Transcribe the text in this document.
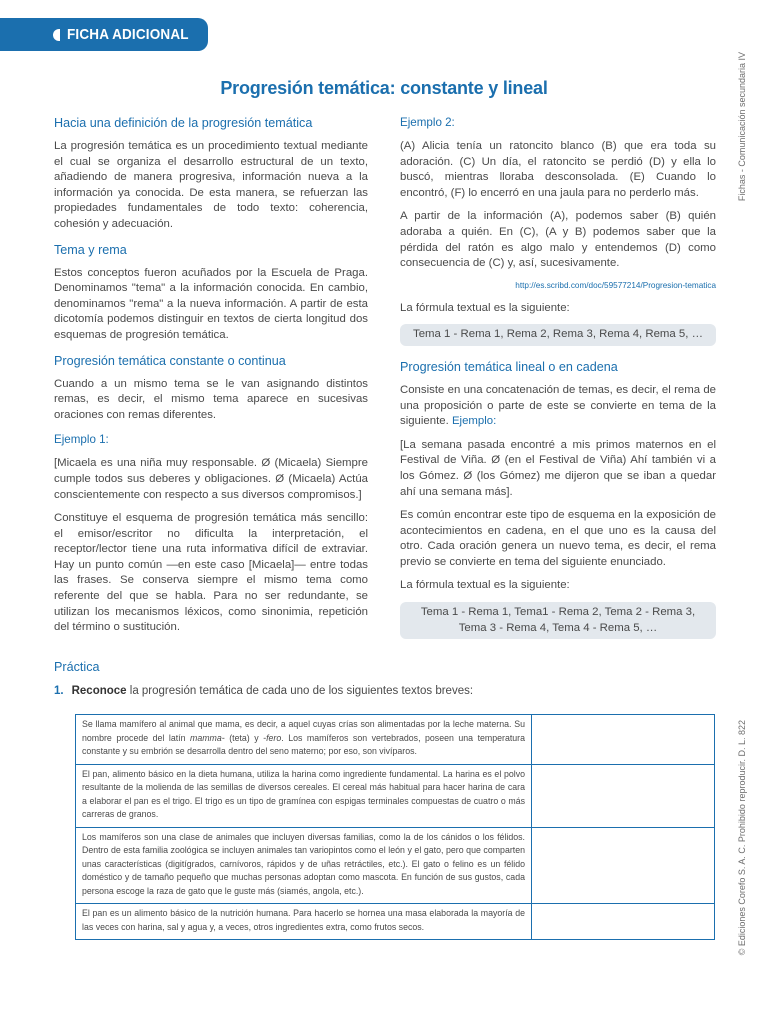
FICHA ADICIONAL
Fichas - Comunicación secundaria IV
© Ediciones Corefo S. A. C. Prohibido reproducir. D. L. 822
Progresión temática: constante y lineal
Hacia una definición de la progresión temática

La progresión temática es un procedimiento textual mediante el cual se organiza el desarrollo estructural de un texto, añadiendo de manera progresiva, información nueva a la información ya conocida. De esta manera, se refuerzan las propiedades fundamentales de todo texto: coherencia, cohesión y adecuación.

Tema y rema

Estos conceptos fueron acuñados por la Escuela de Praga. Denominamos "tema" a la información conocida. En cambio, denominamos "rema" a la nueva información. A partir de esta dicotomía podemos distinguir en textos de cierta longitud dos esquemas de progresión temática.

Progresión temática constante o continua

Cuando a un mismo tema se le van asignando distintos remas, es decir, el mismo tema aparece en sucesivas oraciones con remas diferentes.

Ejemplo 1:

[Micaela es una niña muy responsable. Ø (Micaela) Siempre cumple todos sus deberes y obligaciones. Ø (Micaela) Actúa conscientemente con respecto a sus diversos compromisos.]

Constituye el esquema de progresión temática más sencillo: el emisor/escritor no dificulta la interpretación, el receptor/lector tiene una ruta informativa difícil de extraviar. Hay un punto común —en este caso [Micaela]— entre todas las frases. Se conserva siempre el mismo tema como referente del que se habla. Para no ser redundante, se utilizan los mecanismos léxicos, como sinonimia, repetición del término o sustitución.

Ejemplo 2:

(A) Alicia tenía un ratoncito blanco (B) que era toda su adoración. (C) Un día, el ratoncito se perdió (D) y ella lo buscó, mientras lloraba desconsolada. (E) Cuando lo encontró, (F) lo encerró en una jaula para no perderlo más.

A partir de la información (A), podemos saber (B) quién adoraba a quién. En (C), (A y B) podemos saber que la pérdida del ratón es algo malo y entendemos (D) como consecuencia de (C) y, así, sucesivamente.

http://es.scribd.com/doc/59577214/Progresion-tematica

La fórmula textual es la siguiente:

Tema 1 - Rema 1, Rema 2, Rema 3, Rema 4, Rema 5, …
Progresión temática lineal o en cadena

Consiste en una concatenación de temas, es decir, el rema de una proposición o parte de este se convierte en tema de la siguiente. Ejemplo:

[La semana pasada encontré a mis primos maternos en el Festival de Viña. Ø (en el Festival de Viña) Ahí también vi a los Gómez. Ø (los Gómez) me dijeron que se iban a quedar ahí una semana más].

Es común encontrar este tipo de esquema en la exposición de acontecimientos en cadena, en el que uno es la causa del otro. Cada oración genera un nuevo tema, es decir, el rema previo se convierte en tema del siguiente enunciado.

La fórmula textual es la siguiente:

Tema 1 - Rema 1, Tema1 - Rema 2, Tema 2 - Rema 3, Tema 3 - Rema 4, Tema 4 - Rema 5, …
Práctica
1. Reconoce la progresión temática de cada uno de los siguientes textos breves:
Se llama mamífero al animal que mama, es decir, a aquel cuyas crías son alimentadas por la leche materna. Su nombre procede del latín mamma- (teta) y -fero. Los mamíferos son vertebrados, poseen una temperatura constante y su embrión se desarrolla dentro del seno materno; por eso, son vivíparos.	
El pan, alimento básico en la dieta humana, utiliza la harina como ingrediente fundamental. La harina es el polvo resultante de la molienda de las semillas de diversos cereales. El cereal más habitual para hacer harina de cara a elaborar el pan es el trigo. El trigo es un tipo de gramínea con espigas terminales compuestas de cuatro o más carreras de granos.	
Los mamíferos son una clase de animales que incluyen diversas familias, como la de los cánidos o los félidos. Dentro de esta familia zoológica se incluyen animales tan variopintos como el león y el gato, pero que comparten unas características (digitígrados, carnívoros, rápidos y de uñas retráctiles, etc.). El gato o felino es un félido doméstico y de tamaño pequeño que muchas personas adoptan como mascota. En función de sus gustos, cada persona escoge la raza de gato que le guste más (siamés, angola, etc.).	
El pan es un alimento básico de la nutrición humana. Para hacerlo se hornea una masa elaborada la mayoría de las veces con harina, sal y agua y, a veces, otros ingredientes extra, como frutos secos.	
